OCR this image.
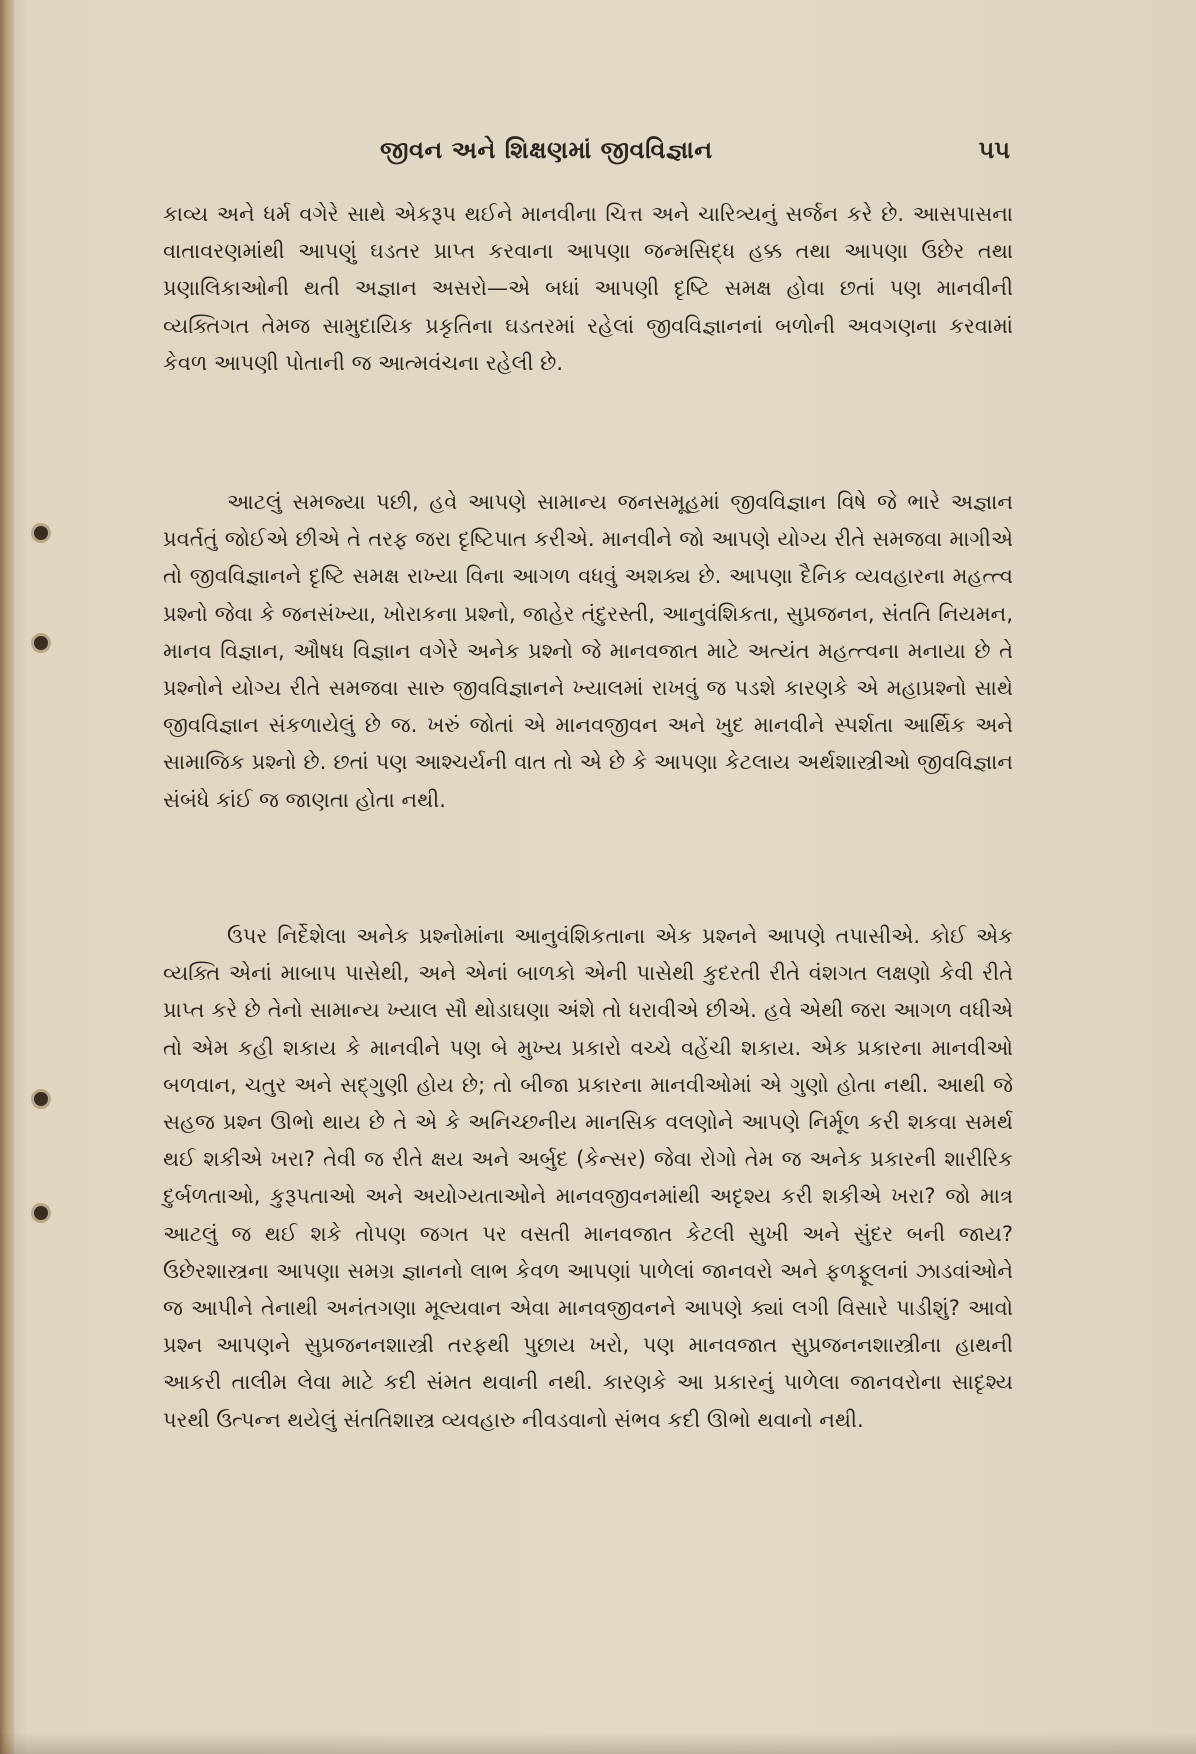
જીવન અને શિક્ષણમાં જીવવિજ્ઞાન	૫૫

કાવ્ય અને ધર્મ વગેરે સાથે એકરૂપ થઈને માનવીના ચિત્ત અને ચારિત્ર્યનું સર્જન કરે છે. આસપાસના વાતાવરણમાંથી આપણું ઘડતર પ્રાપ્ત કરવાના આપણા જન્મસિદ્ધ હક્ક તથા આપણા ઉછેર તથા પ્રણાલિકાઓની થતી અજ્ઞાન અસરો—એ બધાં આપણી દૃષ્ટિ સમક્ષ હોવા છતાં પણ માનવીની વ્યક્તિગત તેમજ સામુદાયિક પ્રકૃતિના ઘડતરમાં રહેલાં જીવવિજ્ઞાનનાં બળોની અવગણના કરવામાં કેવળ આપણી પોતાની જ આત્મવંચના રહેલી છે.

આટલું સમજ્યા પછી, હવે આપણે સામાન્ય જનસમૂહમાં જીવવિજ્ઞાન વિષે જે ભારે અજ્ઞાન પ્રવર્તતું જોઈએ છીએ તે તરફ જરા દૃષ્ટિપાત કરીએ. માનવીને જો આપણે યોગ્ય રીતે સમજવા માગીએ તો જીવવિજ્ઞાનને દૃષ્ટિ સમક્ષ રાખ્યા વિના આગળ વધવું અશક્ય છે. આપણા દૈનિક વ્યવહારના મહત્ત્વ પ્રશ્નો જેવા કે જનસંખ્યા, ખોરાકના પ્રશ્નો, જાહેર તંદુરસ્તી, આનુવંશિકતા, સુપ્રજનન, સંતતિ નિયમન, માનવ વિજ્ઞાન, ઔષધ વિજ્ઞાન વગેરે અનેક પ્રશ્નો જે માનવજાત માટે અત્યંત મહત્ત્વના મનાયા છે તે પ્રશ્નોને યોગ્ય રીતે સમજવા સારુ જીવવિજ્ઞાનને ખ્યાલમાં રાખવું જ પડશે કારણકે એ મહાપ્રશ્નો સાથે જીવવિજ્ઞાન સંકળાયેલું છે જ. ખરું જોતાં એ માનવજીવન અને ખુદ માનવીને સ્પર્શતા આર્થિક અને સામાજિક પ્રશ્નો છે. છતાં પણ આશ્ચર્યની વાત તો એ છે કે આપણા કેટલાય અર્થશાસ્ત્રીઓ જીવવિજ્ઞાન સંબંધે કાંઈ જ જાણતા હોતા નથી.

ઉપર નિર્દેશેલા અનેક પ્રશ્નોમાંના આનુવંશિકતાના એક પ્રશ્નને આપણે તપાસીએ. કોઈ એક વ્યક્તિ એનાં માબાપ પાસેથી, અને એનાં બાળકો એની પાસેથી કુદરતી રીતે વંશગત લક્ષણો કેવી રીતે પ્રાપ્ત કરે છે તેનો સામાન્ય ખ્યાલ સૌ થોડાઘણા અંશે તો ધરાવીએ છીએ. હવે એથી જરા આગળ વધીએ તો એમ કહી શકાય કે માનવીને પણ બે મુખ્ય પ્રકારો વચ્ચે વહેંચી શકાય. એક પ્રકારના માનવીઓ બળવાન, ચતુર અને સદ્‌ગુણી હોય છે; તો બીજા પ્રકારના માનવીઓમાં એ ગુણો હોતા નથી. આથી જે સહજ પ્રશ્ન ઊભો થાય છે તે એ કે અનિચ્છનીય માનસિક વલણોને આપણે નિર્મૂળ કરી શકવા સમર્થ થઈ શકીએ ખરા? તેવી જ રીતે ક્ષય અને અર્બુદ (કેન્સર) જેવા રોગો તેમ જ અનેક પ્રકારની શારીરિક દુર્બળતાઓ, કુરૂપતાઓ અને અયોગ્યતાઓને માનવજીવનમાંથી અદૃશ્ય કરી શકીએ ખરા? જો માત્ર આટલું જ થઈ શકે તોપણ જગત પર વસતી માનવજાત કેટલી સુખી અને સુંદર બની જાય? ઉછેરશાસ્ત્રના આપણા સમગ્ર જ્ઞાનનો લાભ કેવળ આપણાં પાળેલાં જાનવરો અને ફળફૂલનાં ઝાડવાંઓને જ આપીને તેનાથી અનંતગણા મૂલ્યવાન એવા માનવજીવનને આપણે ક્યાં લગી વિસારે પાડીશું? આવો પ્રશ્ન આપણને સુપ્રજનનશાસ્ત્રી તરફથી પુછાય ખરો, પણ માનવજાત સુપ્રજનનશાસ્ત્રીના હાથની આકરી તાલીમ લેવા માટે કદી સંમત થવાની નથી. કારણકે આ પ્રકારનું પાળેલા જાનવરોના સાદૃશ્ય પરથી ઉત્પન્ન થયેલું સંતતિશાસ્ત્ર વ્યવહારુ નીવડવાનો સંભવ કદી ઊભો થવાનો નથી.
